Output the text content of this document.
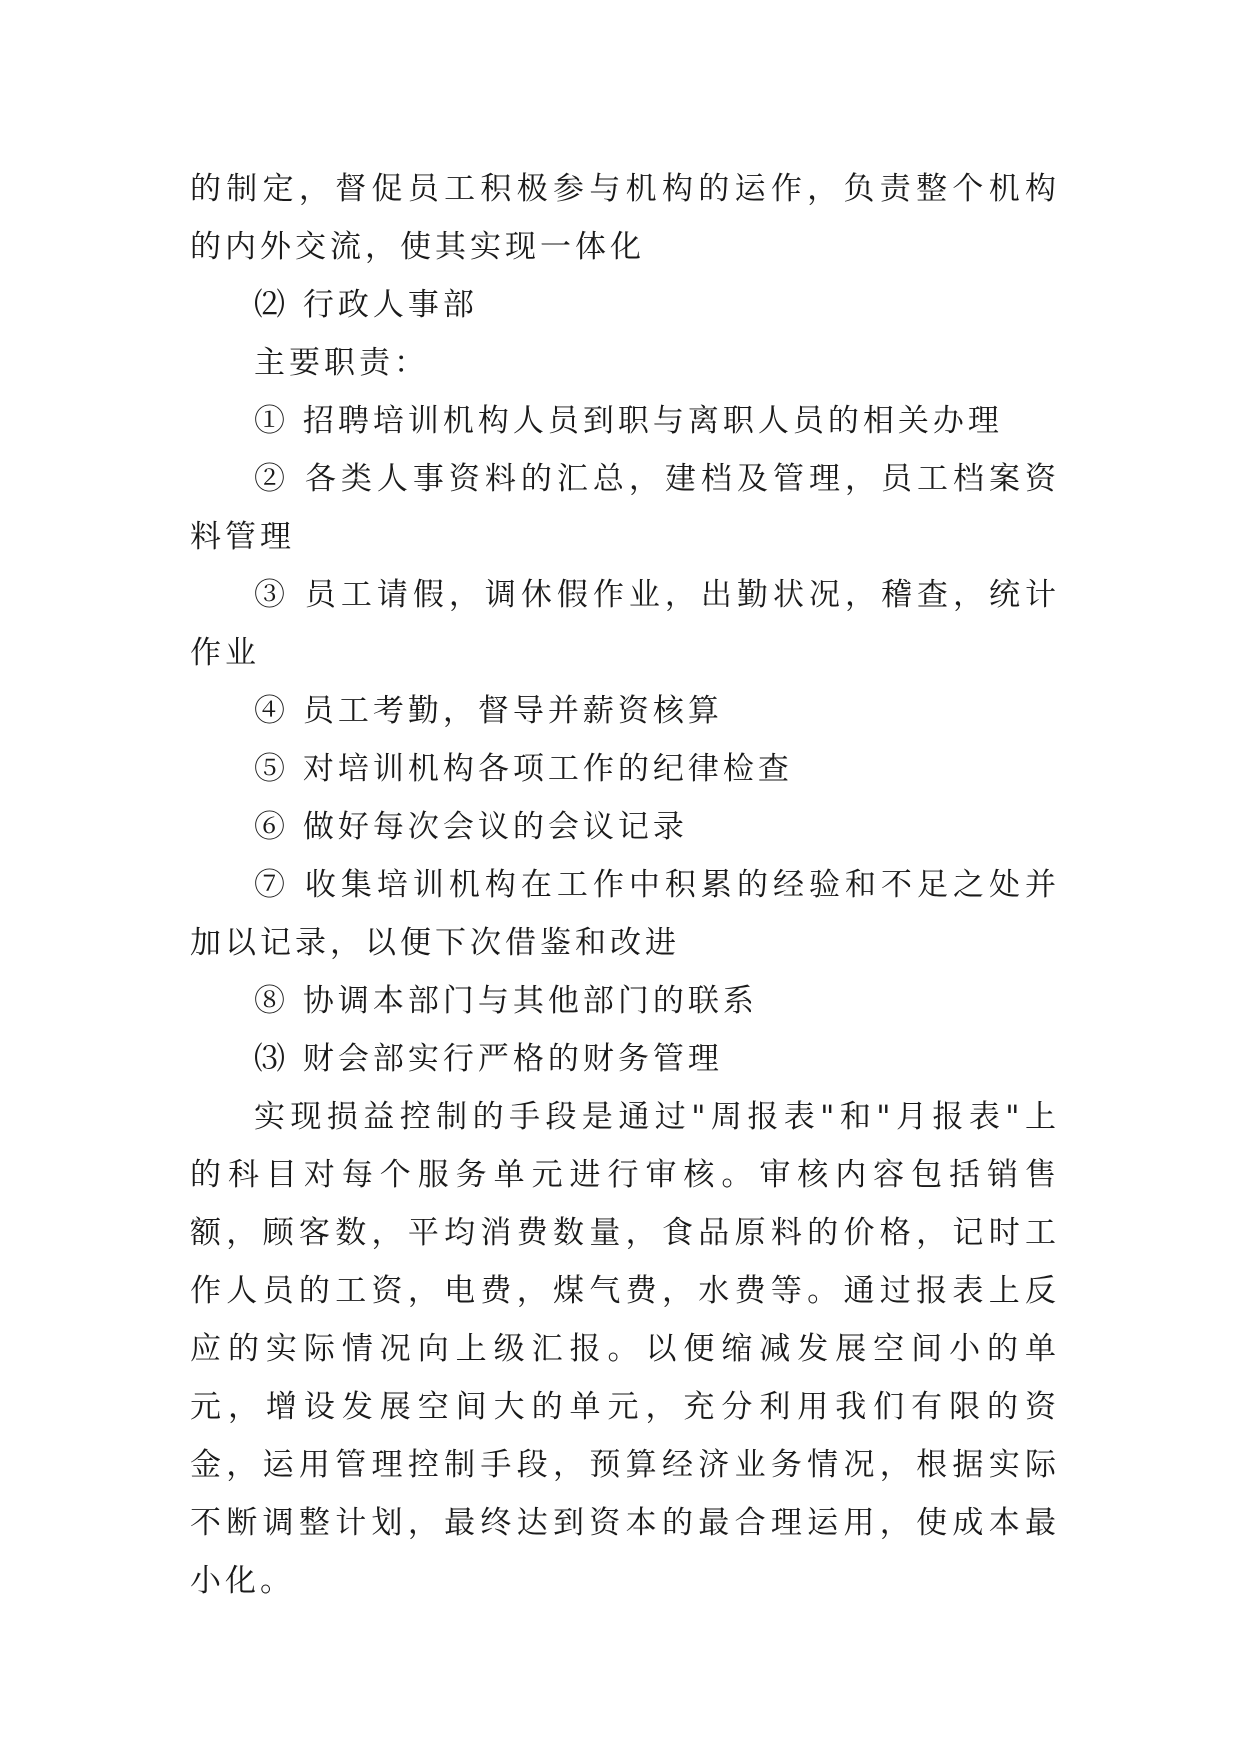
的制定，督促员工积极参与机构的运作，负责整个机构的内外交流，使其实现一体化

⑵ 行政人事部

主要职责：

① 招聘培训机构人员到职与离职人员的相关办理

② 各类人事资料的汇总，建档及管理，员工档案资料管理

③ 员工请假，调休假作业，出勤状况，稽查，统计作业

④ 员工考勤，督导并薪资核算

⑤ 对培训机构各项工作的纪律检查

⑥ 做好每次会议的会议记录

⑦ 收集培训机构在工作中积累的经验和不足之处并加以记录，以便下次借鉴和改进

⑧ 协调本部门与其他部门的联系

⑶ 财会部实行严格的财务管理

实现损益控制的手段是通过"周报表"和"月报表"上的科目对每个服务单元进行审核。审核内容包括销售额，顾客数，平均消费数量，食品原料的价格，记时工作人员的工资，电费，煤气费，水费等。通过报表上反应的实际情况向上级汇报。以便缩减发展空间小的单元，增设发展空间大的单元，充分利用我们有限的资金，运用管理控制手段，预算经济业务情况，根据实际不断调整计划，最终达到资本的最合理运用，使成本最小化。
